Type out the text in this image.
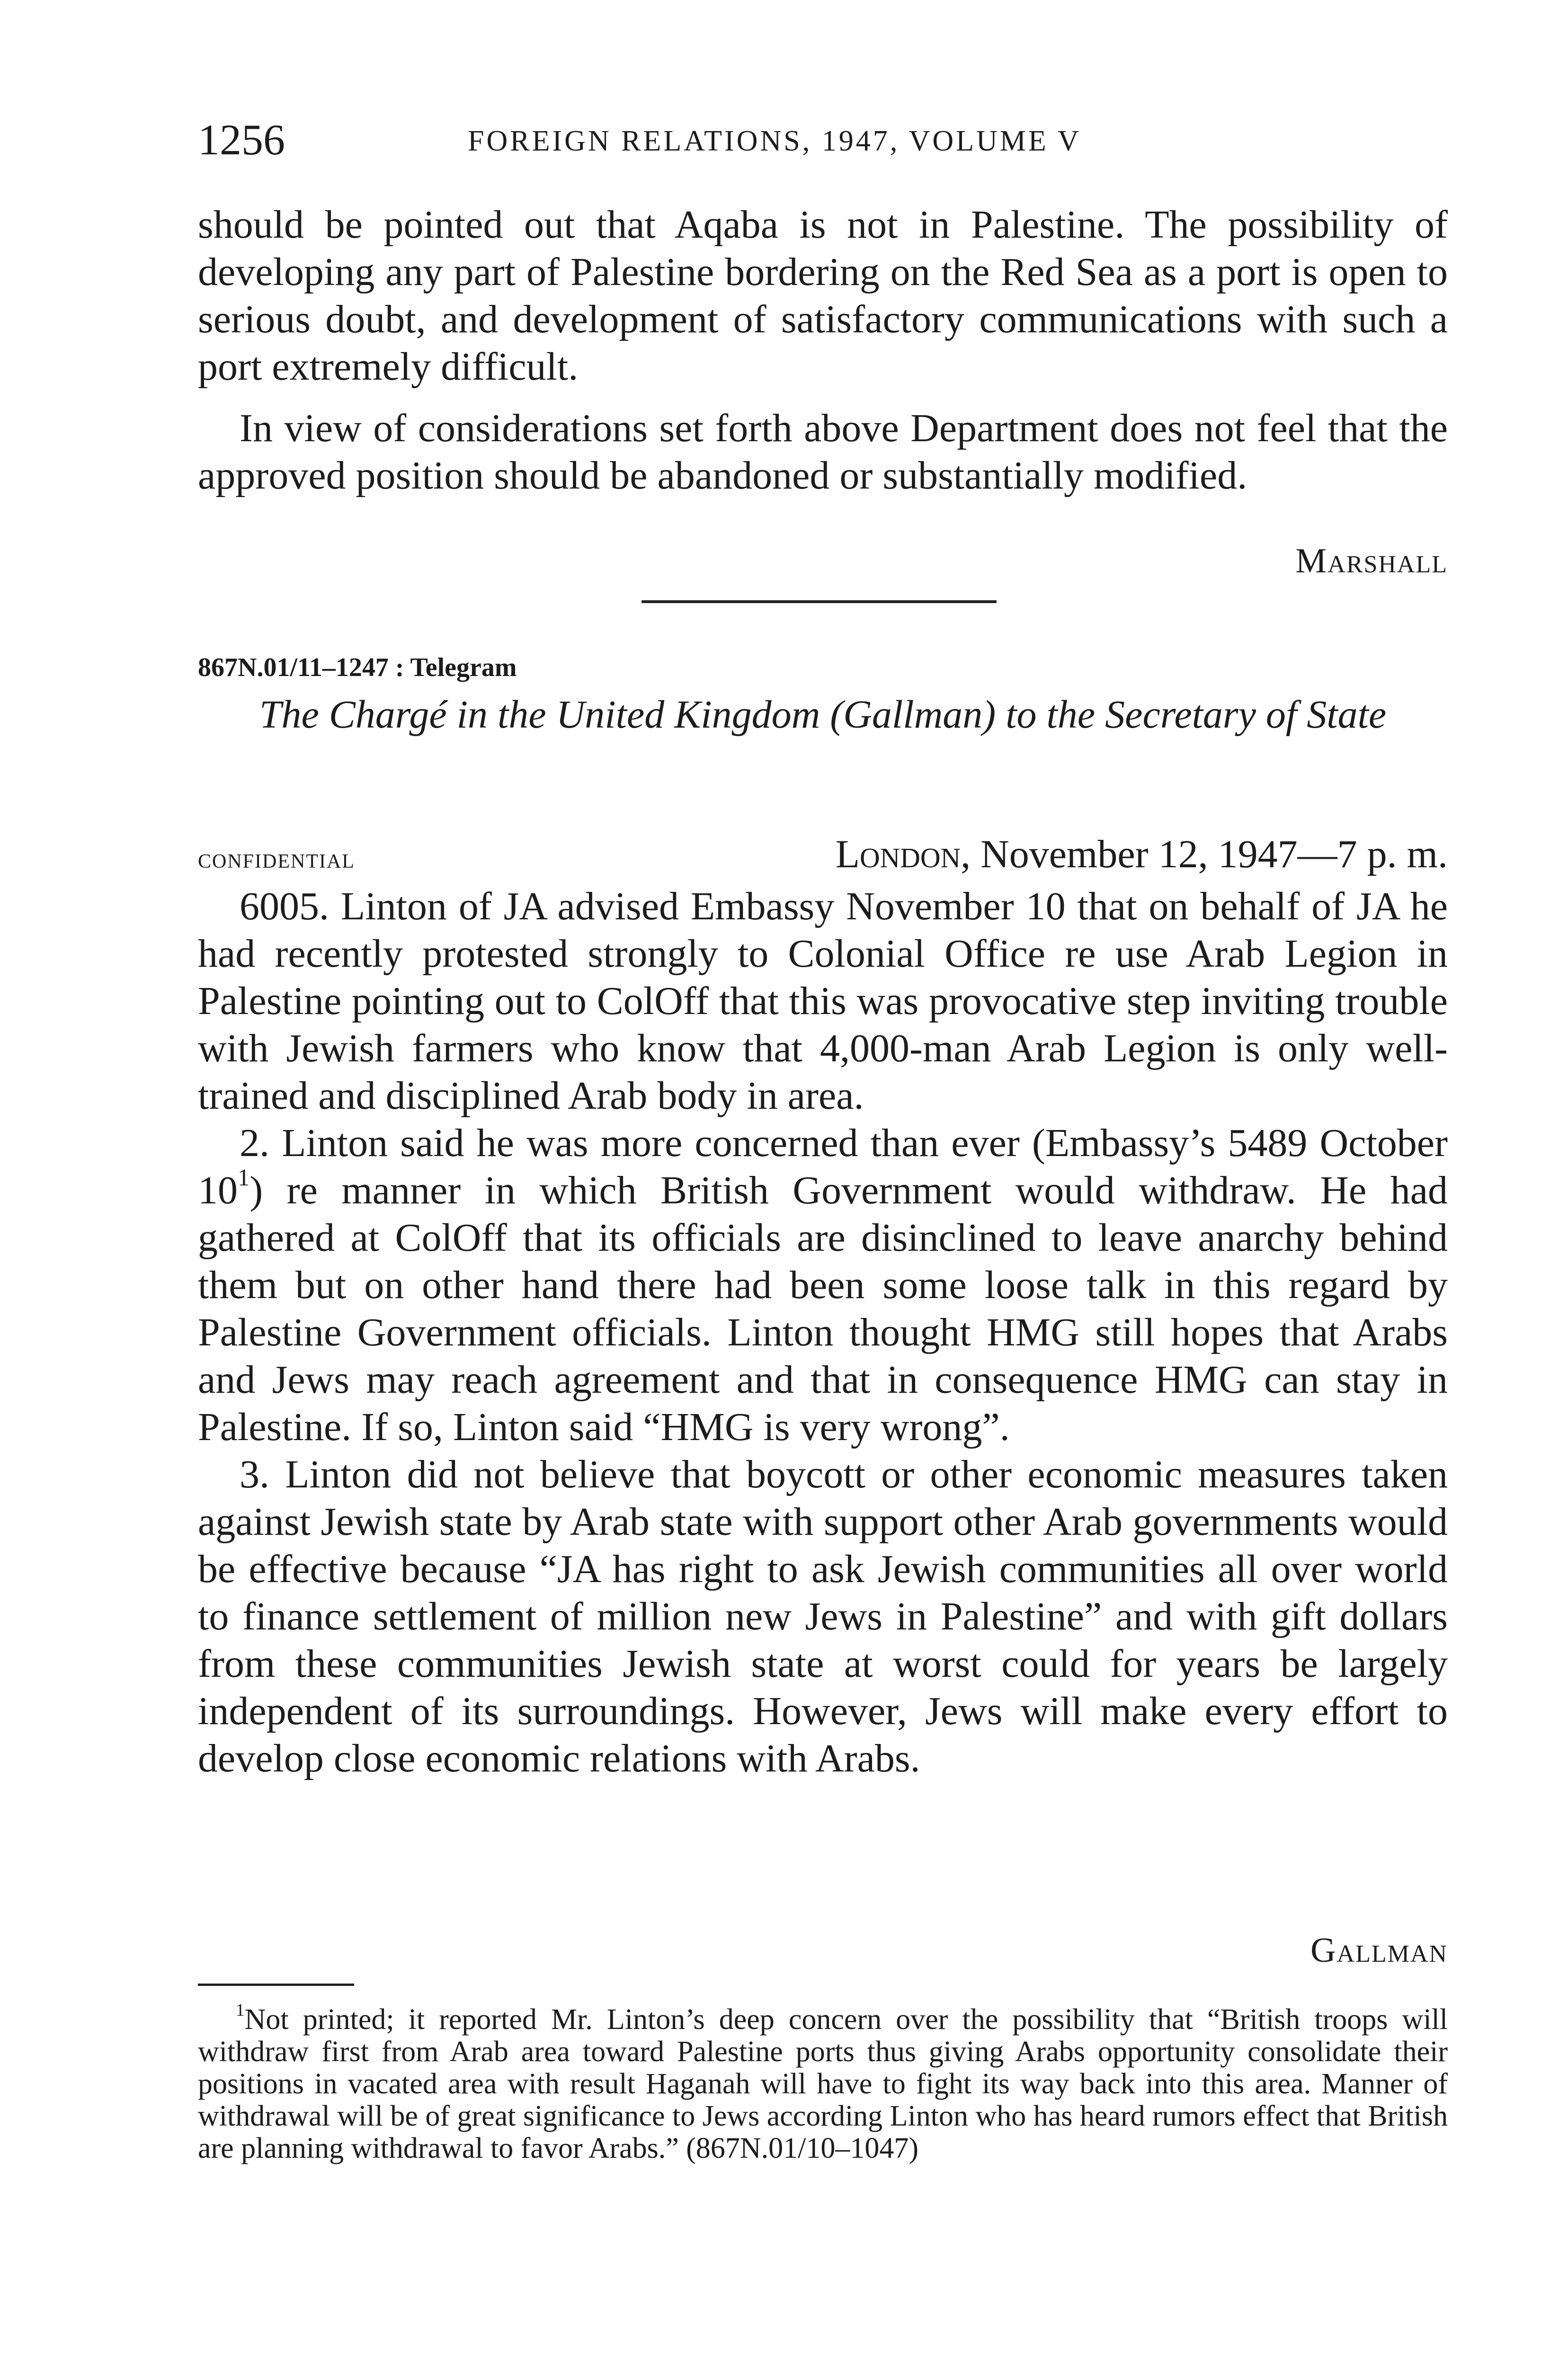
1256	FOREIGN RELATIONS, 1947, VOLUME V

should be pointed out that Aqaba is not in Palestine. The possibility of developing any part of Palestine bordering on the Red Sea as a port is open to serious doubt, and development of satisfactory communications with such a port extremely difficult.

In view of considerations set forth above Department does not feel that the approved position should be abandoned or substantially modified.

Marshall
867N.01/11–1247 : Telegram
The Chargé in the United Kingdom (Gallman) to the Secretary of State
confidential	London, November 12, 1947—7 p. m.

6005. Linton of JA advised Embassy November 10 that on behalf of JA he had recently protested strongly to Colonial Office re use Arab Legion in Palestine pointing out to ColOff that this was provocative step inviting trouble with Jewish farmers who know that 4,000-man Arab Legion is only well-trained and disciplined Arab body in area.

2. Linton said he was more concerned than ever (Embassy’s 5489 October $10^1$) re manner in which British Government would withdraw. He had gathered at ColOff that its officials are disinclined to leave anarchy behind them but on other hand there had been some loose talk in this regard by Palestine Government officials. Linton thought HMG still hopes that Arabs and Jews may reach agreement and that in consequence HMG can stay in Palestine. If so, Linton said “HMG is very wrong”.

3. Linton did not believe that boycott or other economic measures taken against Jewish state by Arab state with support other Arab governments would be effective because “JA has right to ask Jewish communities all over world to finance settlement of million new Jews in Palestine” and with gift dollars from these communities Jewish state at worst could for years be largely independent of its surroundings. However, Jews will make every effort to develop close economic relations with Arabs.

Gallman

$^1$Not printed; it reported Mr. Linton’s deep concern over the possibility that “British troops will withdraw first from Arab area toward Palestine ports thus giving Arabs opportunity consolidate their positions in vacated area with result Haganah will have to fight its way back into this area. Manner of withdrawal will be of great significance to Jews according Linton who has heard rumors effect that British are planning withdrawal to favor Arabs.” (867N.01/10–1047)
